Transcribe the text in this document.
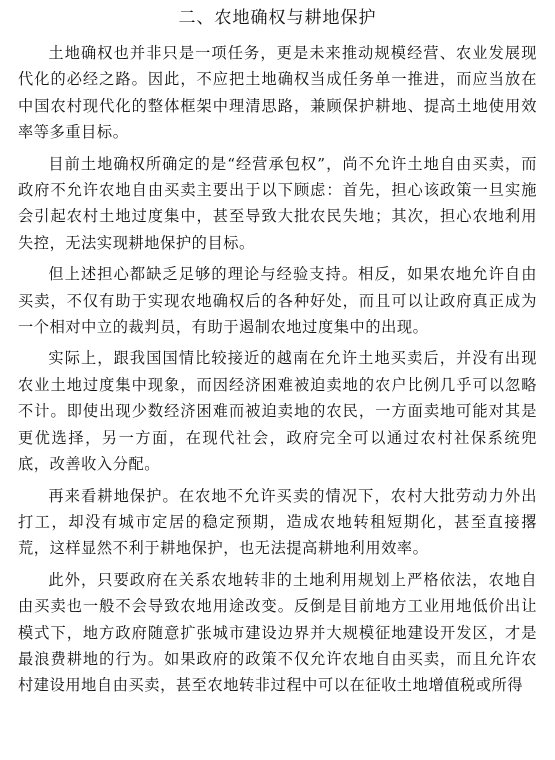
二、农地确权与耕地保护

土地确权也并非只是一项任务，更是未来推动规模经营、农业发展现代化的必经之路。因此，不应把土地确权当成任务单一推进，而应当放在中国农村现代化的整体框架中理清思路，兼顾保护耕地、提高土地使用效率等多重目标。

目前土地确权所确定的是“经营承包权”，尚不允许土地自由买卖，而政府不允许农地自由买卖主要出于以下顾虑：首先，担心该政策一旦实施会引起农村土地过度集中，甚至导致大批农民失地；其次，担心农地利用失控，无法实现耕地保护的目标。

但上述担心都缺乏足够的理论与经验支持。相反，如果农地允许自由买卖，不仅有助于实现农地确权后的各种好处，而且可以让政府真正成为一个相对中立的裁判员，有助于遏制农地过度集中的出现。

实际上，跟我国国情比较接近的越南在允许土地买卖后，并没有出现农业土地过度集中现象，而因经济困难被迫卖地的农户比例几乎可以忽略不计。即使出现少数经济困难而被迫卖地的农民，一方面卖地可能对其是更优选择，另一方面，在现代社会，政府完全可以通过农村社保系统兜底，改善收入分配。

再来看耕地保护。在农地不允许买卖的情况下，农村大批劳动力外出打工，却没有城市定居的稳定预期，造成农地转租短期化，甚至直接撂荒，这样显然不利于耕地保护，也无法提高耕地利用效率。

此外，只要政府在关系农地转非的土地利用规划上严格依法，农地自由买卖也一般不会导致农地用途改变。反倒是目前地方工业用地低价出让模式下，地方政府随意扩张城市建设边界并大规模征地建设开发区，才是最浪费耕地的行为。如果政府的政策不仅允许农地自由买卖，而且允许农村建设用地自由买卖，甚至农地转非过程中可以在征收土地增值税或所得
